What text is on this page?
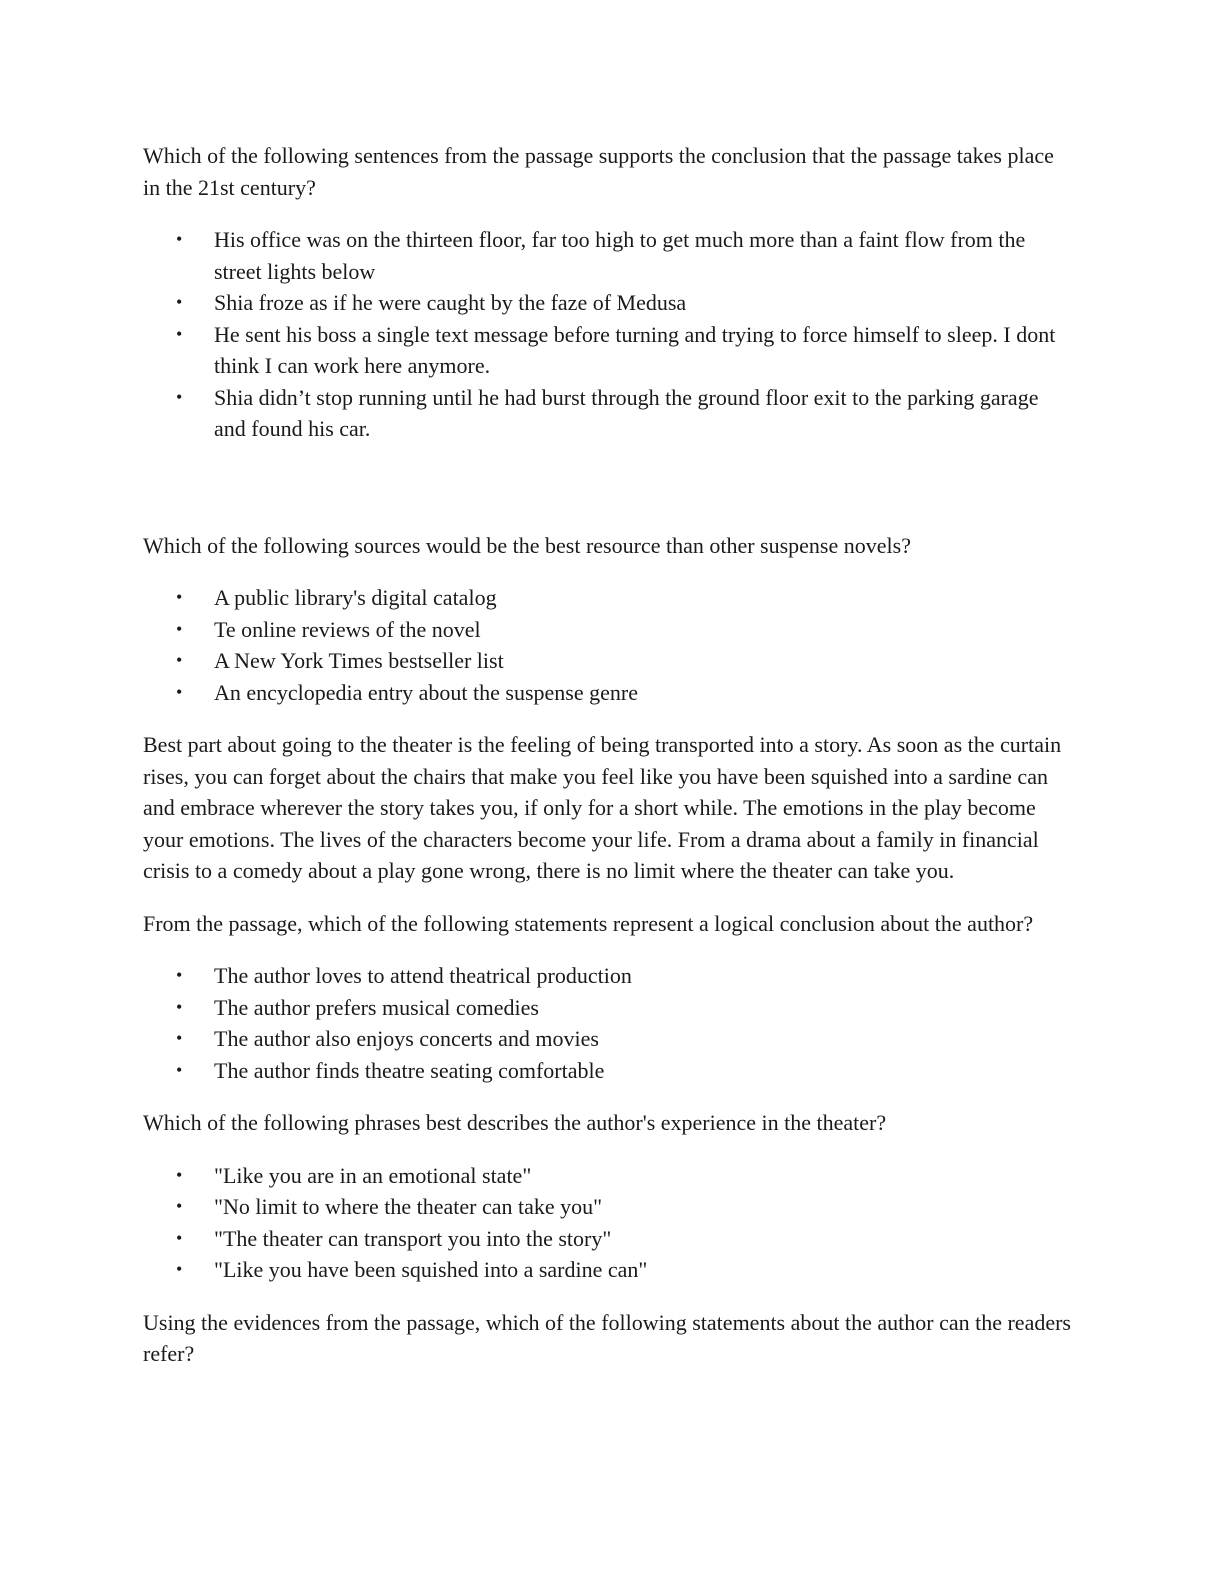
Which of the following sentences from the passage supports the conclusion that the passage takes place in the 21st century?

• His office was on the thirteen floor, far too high to get much more than a faint flow from the street lights below
• Shia froze as if he were caught by the faze of Medusa
• He sent his boss a single text message before turning and trying to force himself to sleep. I dont think I can work here anymore.
• Shia didn’t stop running until he had burst through the ground floor exit to the parking garage and found his car.

Which of the following sources would be the best resource than other suspense novels?

• A public library's digital catalog
• Te online reviews of the novel
• A New York Times bestseller list
• An encyclopedia entry about the suspense genre

Best part about going to the theater is the feeling of being transported into a story. As soon as the curtain rises, you can forget about the chairs that make you feel like you have been squished into a sardine can and embrace wherever the story takes you, if only for a short while. The emotions in the play become your emotions. The lives of the characters become your life. From a drama about a family in financial crisis to a comedy about a play gone wrong, there is no limit where the theater can take you.

From the passage, which of the following statements represent a logical conclusion about the author?

• The author loves to attend theatrical production
• The author prefers musical comedies
• The author also enjoys concerts and movies
• The author finds theatre seating comfortable

Which of the following phrases best describes the author's experience in the theater?

• "Like you are in an emotional state"
• "No limit to where the theater can take you"
• "The theater can transport you into the story"
• "Like you have been squished into a sardine can"

Using the evidences from the passage, which of the following statements about the author can the readers refer?
